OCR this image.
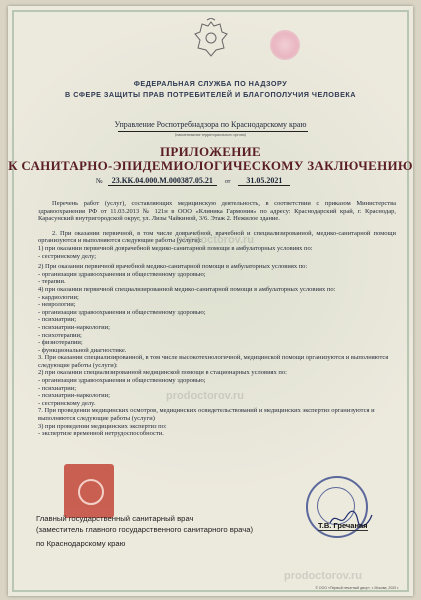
ФЕДЕРАЛЬНАЯ СЛУЖБА ПО НАДЗОРУ
В СФЕРЕ ЗАЩИТЫ ПРАВ ПОТРЕБИТЕЛЕЙ И БЛАГОПОЛУЧИЯ ЧЕЛОВЕКА
Управление Роспотребнадзора по Краснодарскому краю
(наименование территориального органа)
ПРИЛОЖЕНИЕ
К САНИТАРНО-ЭПИДЕМИОЛОГИЧЕСКОМУ ЗАКЛЮЧЕНИЮ
№ 23.КК.04.000.М.000387.05.21 от 31.05.2021

Перечень работ (услуг), составляющих медицинскую деятельность, в соответствии с приказом Министерства здравоохранения РФ от 11.03.2013 № 121н в ООО «Клиника Гармония» по адресу: Краснодарский край, г. Краснодар, Карасунский внутригородской округ, ул. Лизы Чайкиной, 3/6. Этаж 2. Нежилое здание.

2. При оказании первичной, в том числе доврачебной, врачебной и специализированной, медико-санитарной помощи организуются и выполняются следующие работы (услуги):

1) при оказании первичной доврачебной медико-санитарной помощи в амбулаторных условиях по:

- сестринскому делу;

2) При оказании первичной врачебной медико-санитарной помощи в амбулаторных условиях по:

- организации здравоохранения и общественному здоровью;

- терапии.

4) при оказании первичной специализированной медико-санитарной помощи в амбулаторных условиях по:

- кардиологии;

- неврологии;

- организации здравоохранения и общественному здоровью;

- психиатрии;

- психиатрии-наркологии;

- психотерапии;

- физиотерапии;

- функциональной диагностике.

3. При оказании специализированной, в том числе высокотехнологичной, медицинской помощи организуются и выполняются следующие работы (услуги):

2) при оказании специализированной медицинской помощи в стационарных условиях по:

- организации здравоохранения и общественному здоровью;

- психиатрии;

- психиатрии-наркологии;

- сестринскому делу.

7. При проведении медицинских осмотров, медицинских освидетельствований и медицинских экспертиз организуются и выполняются следующие работы (услуги)

3) при проведении медицинских экспертиз по:

- экспертизе временной нетрудоспособности.

prodoctorov.ru
prodoctorov.ru
prodoctorov.ru
Главный государственный санитарный врач
(заместитель главного государственного санитарного врача)
по Краснодарскому краю
Т.В. Гречаная
© ООО «Первый печатный двор», г. Москва, 2020 г.
